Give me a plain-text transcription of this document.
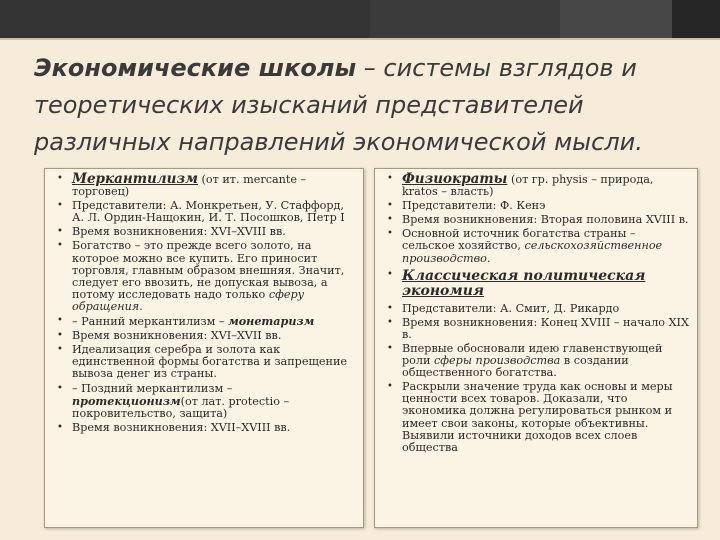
Экономические школы – системы взглядов и теоретических изысканий представителей различных направлений экономической мысли.
• Меркантилизм (от ит. mercante – торговец)
• Представители: А. Монкретьен, У. Стаффорд, А. Л. Ордин-Нащокин, И. Т. Посошков, Петр I
• Время возникновения: XVI–XVIII вв.
• Богатство – это прежде всего золото, на которое можно все купить. Его приносит торговля, главным образом внешняя. Значит, следует его ввозить, не допуская вывоза, а потому исследовать надо только сферу обращения.
• – Ранний меркантилизм – монетаризм
• Время возникновения: XVI–XVII вв.
• Идеализация серебра и золота как единственной формы богатства и запрещение вывоза денег из страны.
• – Поздний меркантилизм – протекционизм(от лат. protectio – покровительство, защита)
• Время возникновения: XVII–XVIII вв.
• Физиократы (от гр. physis – природа, kratos – власть)
• Представители: Ф. Кенэ
• Время возникновения: Вторая половина XVIII в.
• Основной источник богатства страны – сельское хозяйство, сельскохозяйственное производство.
• Классическая политическая экономия
• Представители: А. Смит, Д. Рикардо
• Время возникновения: Конец XVIII – начало XIX в.
• Впервые обосновали идею главенствующей роли сферы производства в создании общественного богатства.
• Раскрыли значение труда как основы и меры ценности всех товаров. Доказали, что экономика должна регулироваться рынком и имеет свои законы, которые объективны. Выявили источники доходов всех слоев общества
